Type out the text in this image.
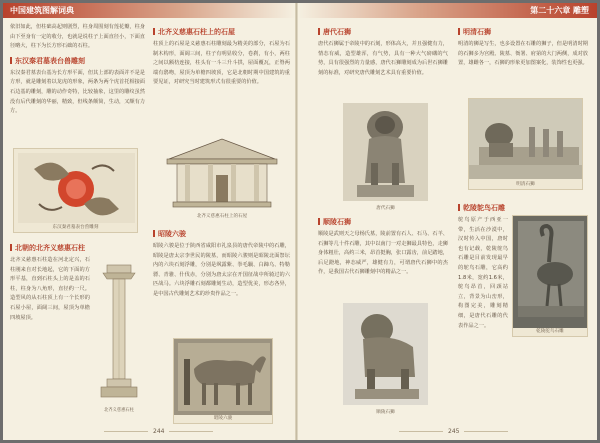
中国建筑图解词典
依旧如此，但柱础高起则剧烈，柱身周围刻有莲花瓣，柱身由下至身有一定的收分，也就是说柱子上面直径小，下面直径略大，柱下为长方形石础的石柱。
东汉秦君墓表台兽雕刻
东汉秦君墓表台基为长方形平面，但其上部的表面并不是是方形，就是雕刻着以龙虎的形象，两条为两个虎首托相接面石边基的雕刻，雕的动作奇特，比较抽象，这里的雕纹虽然没有后代雕刻的华丽，精致，但线条颇简，生动，又颇有力方。
东汉秦君墓表台兽雕刻
北朝的北齐义慈惠石柱
北齐义慈惠石柱造在河北定兴，石柱刚来自对长地起，它的下面的方形平基，直到石柱头上的是盖的石柱，柱身为八角形，直径约一尺。造型风的从石柱顶上有一个长形的石屋小屋，面阔三间，屋顶为单檐四坡屋顶。
北齐义慈惠石柱
北齐义慈惠石柱上的石屋
柱顶上的石屋是义慈惠石柱雕刻最为精美的部分，石屋为石制木构形，面阔三间，柱子有明显收分，卷刹，有小，两柱之间以额枋连接，柱头有一斗三升斗拱，屋面覆瓦，正脊两端有鸱吻，屋顶为单檐四坡顶，它是北朝时期中国建筑的重要见证，对研究当时建筑形式有很重要的价值。
北齐义慈惠石柱上的石屋
昭陵六骏
昭陵六骏是位于陕西省咸阳市礼泉县的唐代帝陵中的石雕，昭陵是唐太宗李世民的陵墓，而昭陵六骏则是昭陵北面祭坛内的六块石刻浮雕，分别是飒露紫、拳毛騧、白蹄乌、特勒骠、青骓、什伐赤，分别为唐太宗在开国征战中所骑过的六匹战马。六块浮雕石刻都雕刻生动，造型优美，形态各异，是中国古代雕刻艺术的珍贵作品之一。
昭陵六骏
244
第二十六章 雕塑
唐代石狮
唐代石狮属于帝陵中的石刻，形体高大，并且强健有力，情态有威，造型雄浑，有气势，具有一种大气磅礴的气势，具有很强烈的力量感，唐代石狮雕刻成为后世石狮雕刻的标准，对研究唐代雕刻艺术具有重要价值。
唐代石狮
顺陵石狮
顺陵是武则天之母杨氏墓，陵前置有石人、石马、石羊、石狮等几十件石雕，其中以南门一对走狮最具特色，走狮身体粗壮，高约三米，昂首挺胸，张口露齿，前足踏地，后足蹬地，神态威严，雄健有力，可谓唐代石狮中的杰作，是我国古代石狮雕刻中的精品之一。
顺陵石狮
明清石狮
明清的狮是写生，也多设置在石雕的狮子，但是明清时期的石狮多为宫殿、陵墓、衙署、府第的大门两侧，成对放置，雄雌各一，石狮的形象更加图案化，装饰性也更强。
明清石狮
乾陵鸵鸟石雕
鸵鸟原产于西亚一带，生活在沙漠中，汉时传入中国，唐时也有记载，乾陵鸵鸟石雕是目前发现最早的鸵鸟石雕，它高约1.8米，宽约1.6米，鸵鸟昂首，回颈站立，背景为山峦形，构图完美，雕刻精细，是唐代石雕的代表作品之一。
乾陵鸵鸟石雕
245
